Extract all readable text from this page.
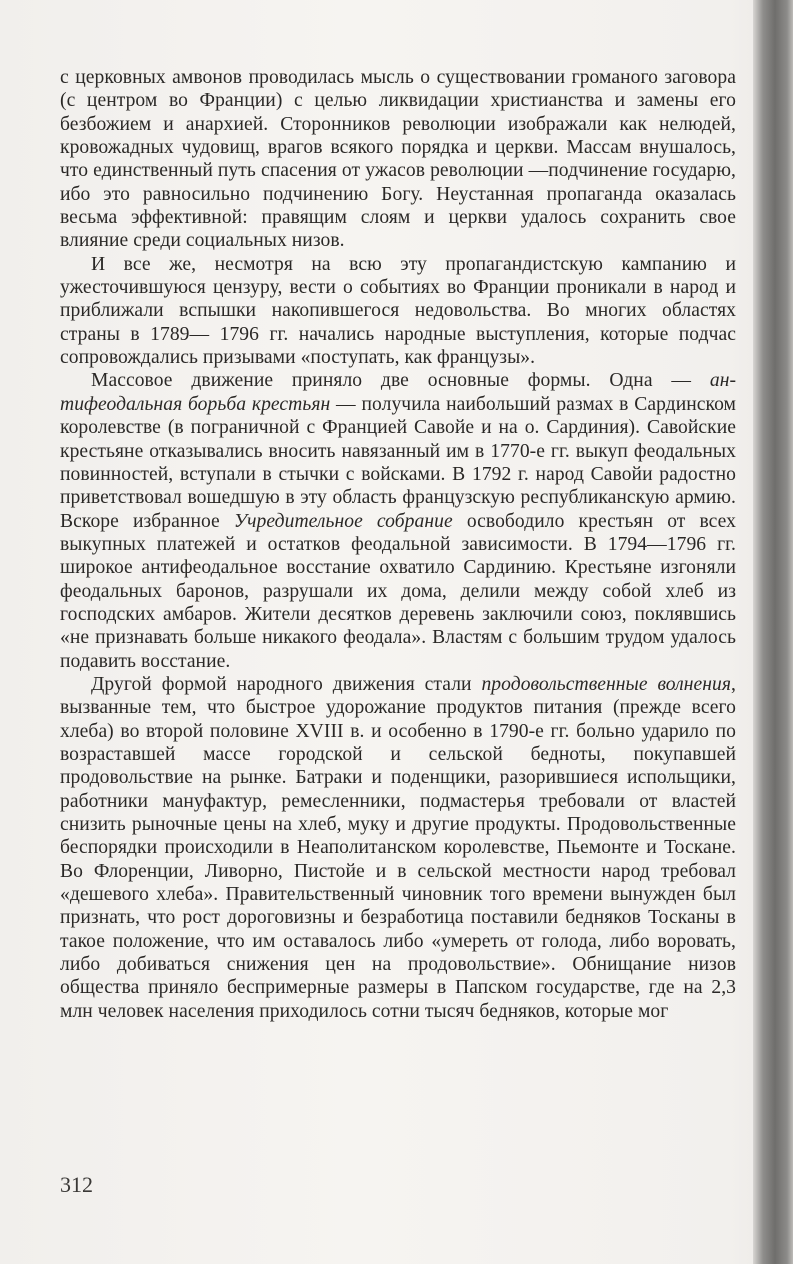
с церковных амвонов проводилась мысль о существовании громаного заговора (с центром во Франции) с целью ликвидации христианства и замены его безбожием и анархией. Сторонников революции изображали как нелюдей, кровожадных чудовищ, врагов всякого порядка и церкви. Массам внушалось, что единственный путь спасения от ужасов революции —подчинение государю, ибо это равносильно подчинению Богу. Неустанная пропаганда оказалась весьма эффективной: правящим слоям и церкви удалось сохранить свое влияние среди социальных низов.

И все же, несмотря на всю эту пропагандистскую кампанию и ужесточившуюся цензуру, вести о событиях во Франции проникали в народ и приближали вспышки накопившегося недовольства. Во многих областях страны в 1789— 1796 гг. начались народные выступления, которые подчас сопровождались призывами «поступать, как французы».

Массовое движение приняло две основные формы. Одна — антифеодальная борьба крестьян — получила наибольший размах в Сардинском королевстве (в пограничной с Францией Савойе и на о. Сардиния). Савойские крестьяне отказывались вносить навязанный им в 1770-е гг. выкуп феодальных повинностей, вступали в стычки с войсками. В 1792 г. народ Савойи радостно приветствовал вошедшую в эту область французскую республиканскую армию. Вскоре избранное Учредительное собрание освободило крестьян от всех выкупных платежей и остатков феодальной зависимости. В 1794—1796 гг. широкое антифеодальное восстание охватило Сардинию. Крестьяне изгоняли феодальных баронов, разрушали их дома, делили между собой хлеб из господских амбаров. Жители десятков деревень заключили союз, поклявшись «не признавать больше никакого феодала». Властям с большим трудом удалось подавить восстание.

Другой формой народного движения стали продовольственные волнения, вызванные тем, что быстрое удорожание продуктов питания (прежде всего хлеба) во второй половине XVIII в. и особенно в 1790-е гг. больно ударило по возраставшей массе городской и сельской бедноты, покупавшей продовольствие на рынке. Батраки и поденщики, разорившиеся испольщики, работники мануфактур, ремесленники, подмастерья требовали от властей снизить рыночные цены на хлеб, муку и другие продукты. Продовольственные беспорядки происходили в Неаполитанском королевстве, Пьемонте и Тоскане. Во Флоренции, Ливорно, Пистойе и в сельской местности народ требовал «дешевого хлеба». Правительственный чиновник того времени вынужден был признать, что рост дороговизны и безработица поставили бедняков Тосканы в такое положение, что им оставалось либо «умереть от голода, либо воровать, либо добиваться снижения цен на продовольствие». Обнищание низов общества приняло беспримерные размеры в Папском государстве, где на 2,3 млн человек населения приходилось сотни тысяч бедняков, которые мог

312
